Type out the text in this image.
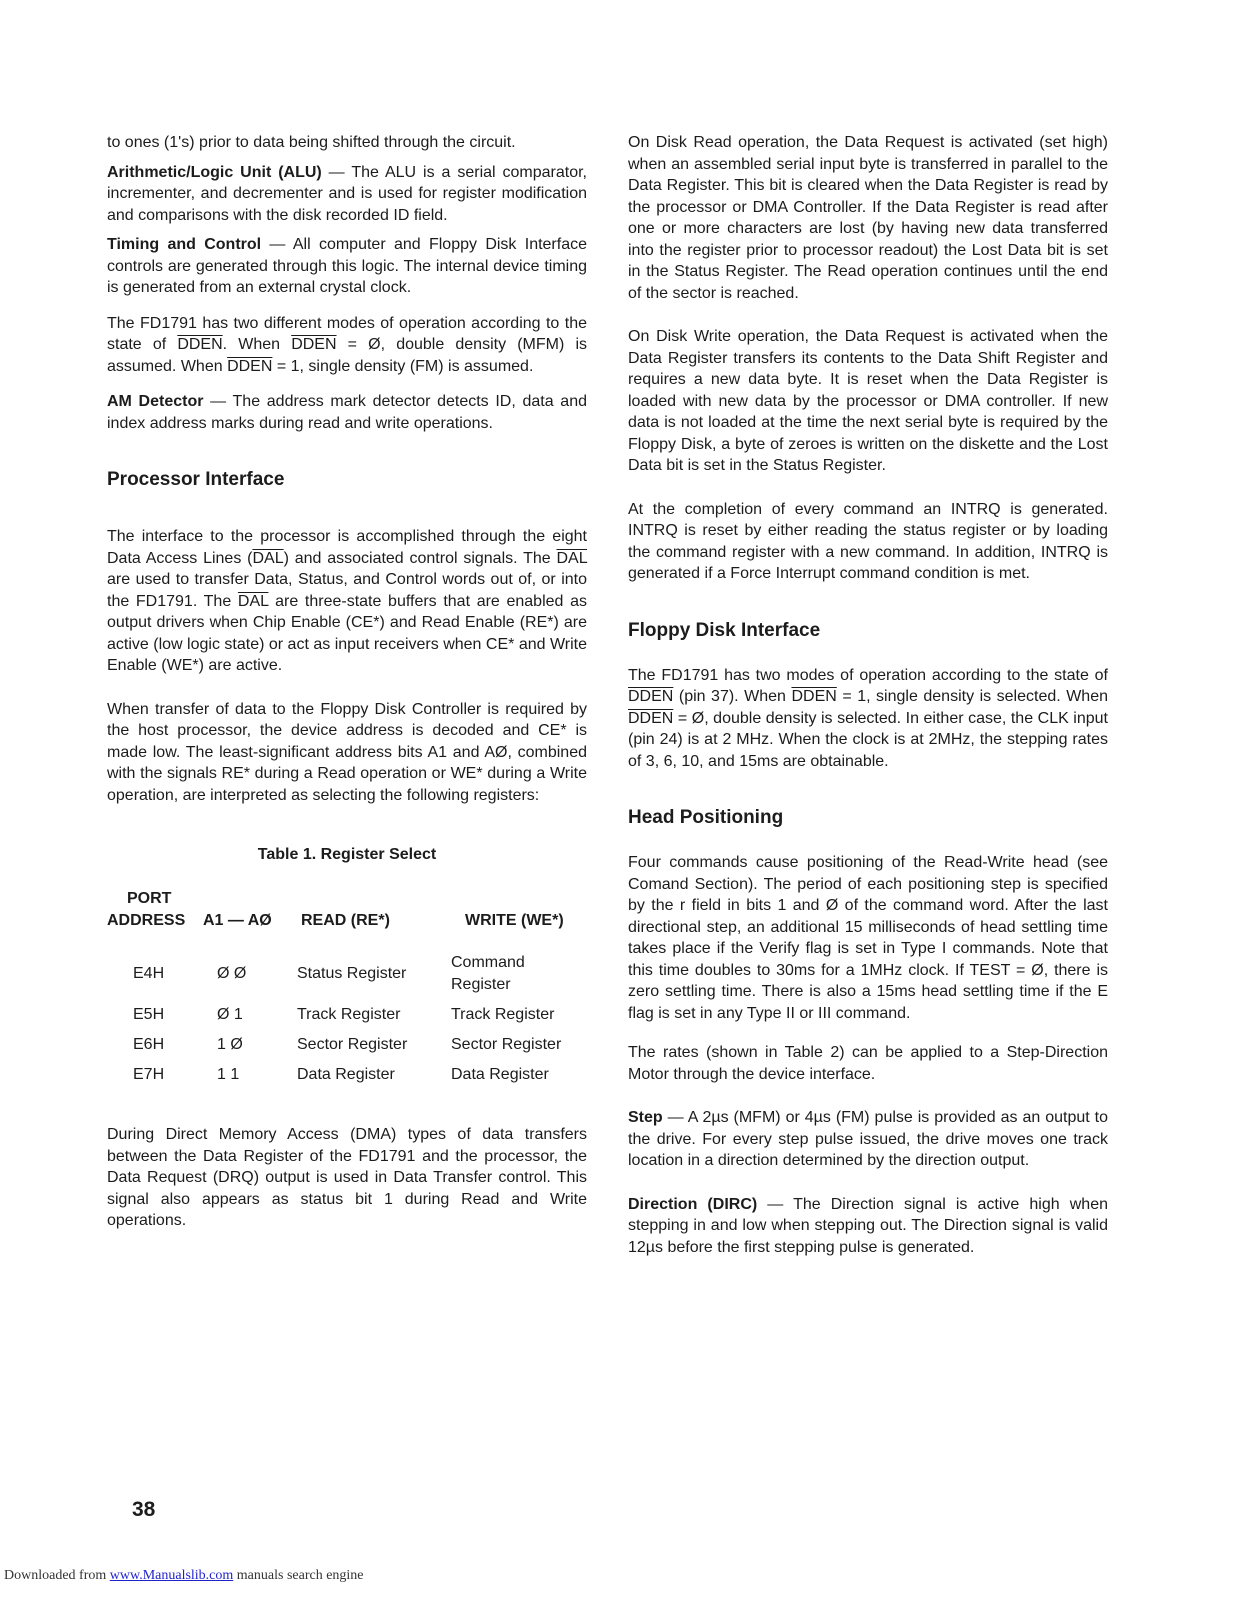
to ones (1's) prior to data being shifted through the circuit.

Arithmetic/Logic Unit (ALU) — The ALU is a serial comparator, incrementer, and decrementer and is used for register modification and comparisons with the disk recorded ID field.

Timing and Control — All computer and Floppy Disk Interface controls are generated through this logic. The internal device timing is generated from an external crystal clock.

The FD1791 has two different modes of operation according to the state of DDEN. When DDEN = Ø, double density (MFM) is assumed. When DDEN = 1, single density (FM) is assumed.

AM Detector — The address mark detector detects ID, data and index address marks during read and write operations.

Processor Interface

The interface to the processor is accomplished through the eight Data Access Lines $(\overline{DAL})$ and associated control signals. The $\overline{DAL}$ are used to transfer Data, Status, and Control words out of, or into the FD1791. The $\overline{DAL}$ are three-state buffers that are enabled as output drivers when Chip Enable (CE*) and Read Enable (RE*) are active (low logic state) or act as input receivers when CE* and Write Enable (WE*) are active.

When transfer of data to the Floppy Disk Controller is required by the host processor, the device address is decoded and CE* is made low. The least-significant address bits A1 and AØ, combined with the signals RE* during a Read operation or WE* during a Write operation, are interpreted as selecting the following registers:

Table 1. Register Select
PORT
ADDRESS	A1 — AØ	READ (RE*)	WRITE (WE*)
E4H	Ø Ø	Status Register	Command Register
E5H	Ø 1	Track Register	Track Register
E6H	1 Ø	Sector Register	Sector Register
E7H	1 1	Data Register	Data Register

During Direct Memory Access (DMA) types of data transfers between the Data Register of the FD1791 and the processor, the Data Request (DRQ) output is used in Data Transfer control. This signal also appears as status bit 1 during Read and Write operations.

On Disk Read operation, the Data Request is activated (set high) when an assembled serial input byte is transferred in parallel to the Data Register. This bit is cleared when the Data Register is read by the processor or DMA Controller. If the Data Register is read after one or more characters are lost (by having new data transferred into the register prior to processor readout) the Lost Data bit is set in the Status Register. The Read operation continues until the end of the sector is reached.

On Disk Write operation, the Data Request is activated when the Data Register transfers its contents to the Data Shift Register and requires a new data byte. It is reset when the Data Register is loaded with new data by the processor or DMA controller. If new data is not loaded at the time the next serial byte is required by the Floppy Disk, a byte of zeroes is written on the diskette and the Lost Data bit is set in the Status Register.

At the completion of every command an INTRQ is generated. INTRQ is reset by either reading the status register or by loading the command register with a new command. In addition, INTRQ is generated if a Force Interrupt command condition is met.

Floppy Disk Interface

The FD1791 has two modes of operation according to the state of DDEN (pin 37). When DDEN = 1, single density is selected. When DDEN = Ø, double density is selected. In either case, the CLK input (pin 24) is at 2 MHz. When the clock is at 2MHz, the stepping rates of 3, 6, 10, and 15ms are obtainable.

Head Positioning

Four commands cause positioning of the Read-Write head (see Comand Section). The period of each positioning step is specified by the r field in bits 1 and Ø of the command word. After the last directional step, an additional 15 milliseconds of head settling time takes place if the Verify flag is set in Type I commands. Note that this time doubles to 30ms for a 1MHz clock. If TEST = Ø, there is zero settling time. There is also a 15ms head settling time if the E flag is set in any Type II or III command.

The rates (shown in Table 2) can be applied to a Step-Direction Motor through the device interface.

Step — A 2µs (MFM) or 4µs (FM) pulse is provided as an output to the drive. For every step pulse issued, the drive moves one track location in a direction determined by the direction output.

Direction (DIRC) — The Direction signal is active high when stepping in and low when stepping out. The Direction signal is valid 12µs before the first stepping pulse is generated.

38
Downloaded from www.Manualslib.com manuals search engine
